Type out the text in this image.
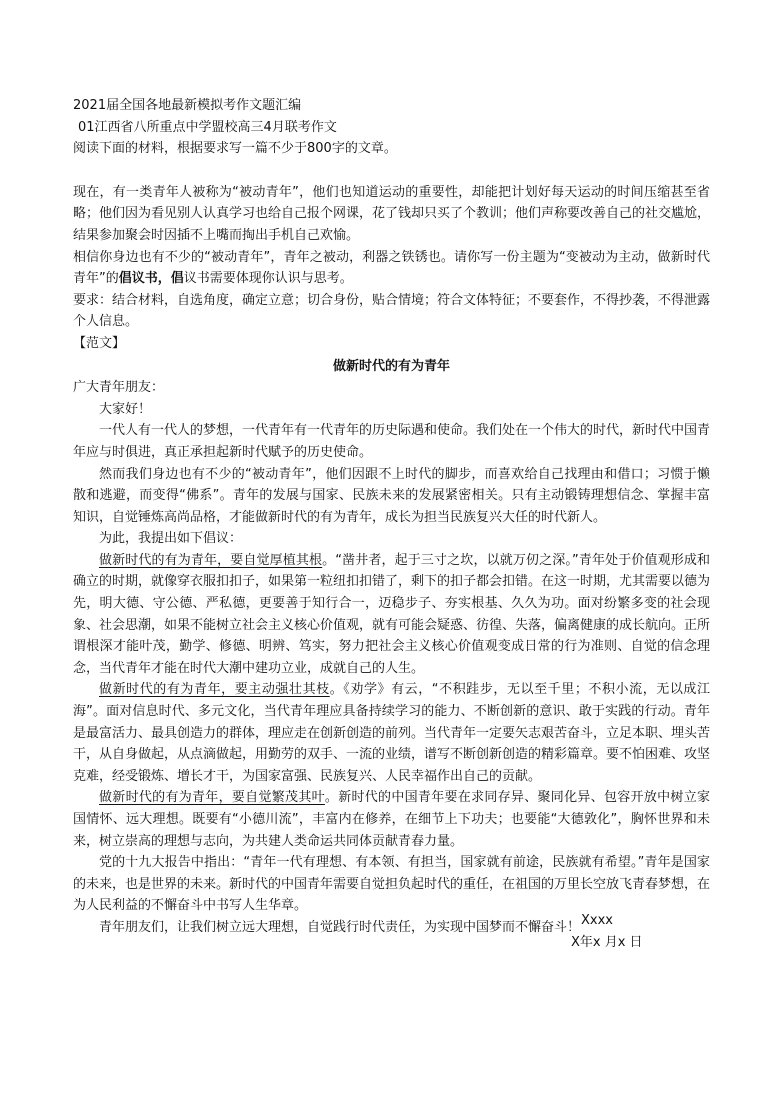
2021届全国各地最新模拟考作文题汇编

01江西省八所重点中学盟校高三4月联考作文

阅读下面的材料，根据要求写一篇不少于800字的文章。

现在，有一类青年人被称为“被动青年”，他们也知道运动的重要性，却能把计划好每天运动的时间压缩甚至省略；他们因为看见别人认真学习也给自己报个网课，花了钱却只买了个教训；他们声称要改善自己的社交尴尬，结果参加聚会时因插不上嘴而掏出手机自己欢愉。

相信你身边也有不少的“被动青年”，青年之被动，利器之铁锈也。请你写一份主题为“变被动为主动，做新时代青年”的倡议书，倡议书需要体现你认识与思考。

要求：结合材料，自选角度，确定立意；切合身份，贴合情境；符合文体特征；不要套作，不得抄袭，不得泄露个人信息。

【范文】

做新时代的有为青年

广大青年朋友：

大家好！

一代人有一代人的梦想，一代青年有一代青年的历史际遇和使命。我们处在一个伟大的时代，新时代中国青年应与时俱进，真正承担起新时代赋予的历史使命。

然而我们身边也有不少的“被动青年”，他们因跟不上时代的脚步，而喜欢给自己找理由和借口；习惯于懒散和逃避，而变得“佛系”。青年的发展与国家、民族未来的发展紧密相关。只有主动锻铸理想信念、掌握丰富知识，自觉锤炼高尚品格，才能做新时代的有为青年，成长为担当民族复兴大任的时代新人。

为此，我提出如下倡议：

做新时代的有为青年，要自觉厚植其根。“凿井者，起于三寸之坎，以就万仞之深。”青年处于价值观形成和确立的时期，就像穿衣服扣扣子，如果第一粒纽扣扣错了，剩下的扣子都会扣错。在这一时期，尤其需要以德为先，明大德、守公德、严私德，更要善于知行合一，迈稳步子、夯实根基、久久为功。面对纷繁多变的社会现象、社会思潮，如果不能树立社会主义核心价值观，就有可能会疑惑、彷徨、失落，偏离健康的成长航向。正所谓根深才能叶茂，勤学、修德、明辨、笃实，努力把社会主义核心价值观变成日常的行为准则、自觉的信念理念，当代青年才能在时代大潮中建功立业，成就自己的人生。

做新时代的有为青年，要主动强壮其枝。《劝学》有云，“不积跬步，无以至千里；不积小流，无以成江海”。面对信息时代、多元文化，当代青年理应具备持续学习的能力、不断创新的意识、敢于实践的行动。青年是最富活力、最具创造力的群体，理应走在创新创造的前列。当代青年一定要矢志艰苦奋斗，立足本职、埋头苦干，从自身做起，从点滴做起，用勤劳的双手、一流的业绩，谱写不断创新创造的精彩篇章。要不怕困难、攻坚克难，经受锻炼、增长才干，为国家富强、民族复兴、人民幸福作出自己的贡献。

做新时代的有为青年，要自觉繁茂其叶。新时代的中国青年要在求同存异、聚同化异、包容开放中树立家国情怀、远大理想。既要有“小德川流”，丰富内在修养，在细节上下功夫；也要能“大德敦化”，胸怀世界和未来，树立崇高的理想与志向，为共建人类命运共同体贡献青春力量。

党的十九大报告中指出：“青年一代有理想、有本领、有担当，国家就有前途，民族就有希望。”青年是国家的未来，也是世界的未来。新时代的中国青年需要自觉担负起时代的重任，在祖国的万里长空放飞青春梦想，在为人民利益的不懈奋斗中书写人生华章。

青年朋友们，让我们树立远大理想，自觉践行时代责任，为实现中国梦而不懈奋斗！ Xxxx
X年x 月x 日
